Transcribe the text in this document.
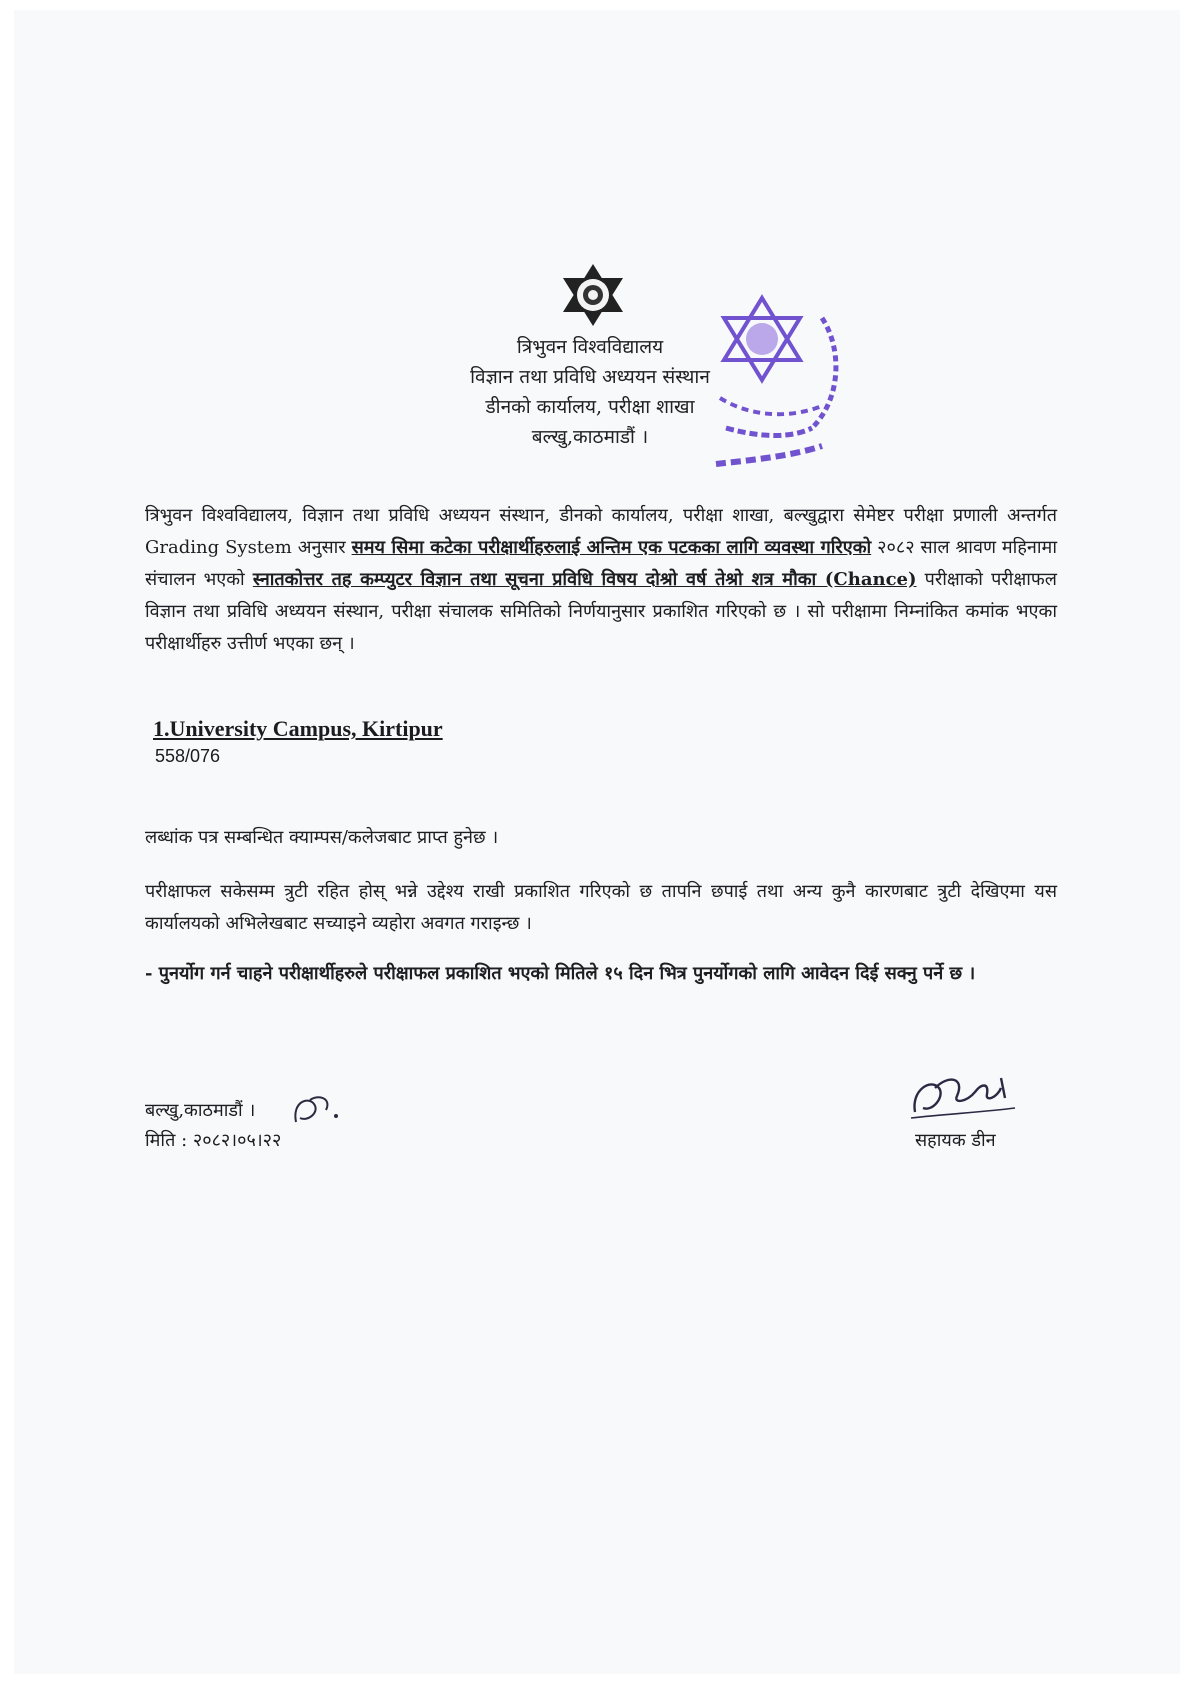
त्रिभुवन विश्वविद्यालय
विज्ञान तथा प्रविधि अध्ययन संस्थान
डीनको कार्यालय, परीक्षा शाखा
बल्खु,काठमाडौं ।
त्रिभुवन विश्वविद्यालय, विज्ञान तथा प्रविधि अध्ययन संस्थान, डीनको कार्यालय, परीक्षा शाखा, बल्खुद्वारा सेमेष्टर परीक्षा प्रणाली अन्तर्गत Grading System अनुसार समय सिमा कटेका परीक्षार्थीहरुलाई अन्तिम एक पटकका लागि व्यवस्था गरिएको २०८२ साल श्रावण महिनामा संचालन भएको स्नातकोत्तर तह कम्प्युटर विज्ञान तथा सूचना प्रविधि विषय दोश्रो वर्ष तेश्रो शत्र मौका (Chance) परीक्षाको परीक्षाफल विज्ञान तथा प्रविधि अध्ययन संस्थान, परीक्षा संचालक समितिको निर्णयानुसार प्रकाशित गरिएको छ । सो परीक्षामा निम्नांकित कमांक भएका परीक्षार्थीहरु उत्तीर्ण भएका छन् ।
1.University Campus, Kirtipur
558/076
लब्धांक पत्र सम्बन्धित क्याम्पस/कलेजबाट प्राप्त हुनेछ ।
परीक्षाफल सकेसम्म त्रुटी रहित होस् भन्ने उद्देश्य राखी प्रकाशित गरिएको छ तापनि छपाई तथा अन्य कुनै कारणबाट त्रुटी देखिएमा यस कार्यालयको अभिलेखबाट सच्याइने व्यहोरा अवगत गराइन्छ ।
- पुनर्योग गर्न चाहने परीक्षार्थीहरुले परीक्षाफल प्रकाशित भएको मितिले १५ दिन भित्र पुनर्योगको लागि आवेदन दिई सक्नु पर्ने छ ।
बल्खु,काठमाडौं ।
मिति : २०८२।०५।२२	सहायक डीन
